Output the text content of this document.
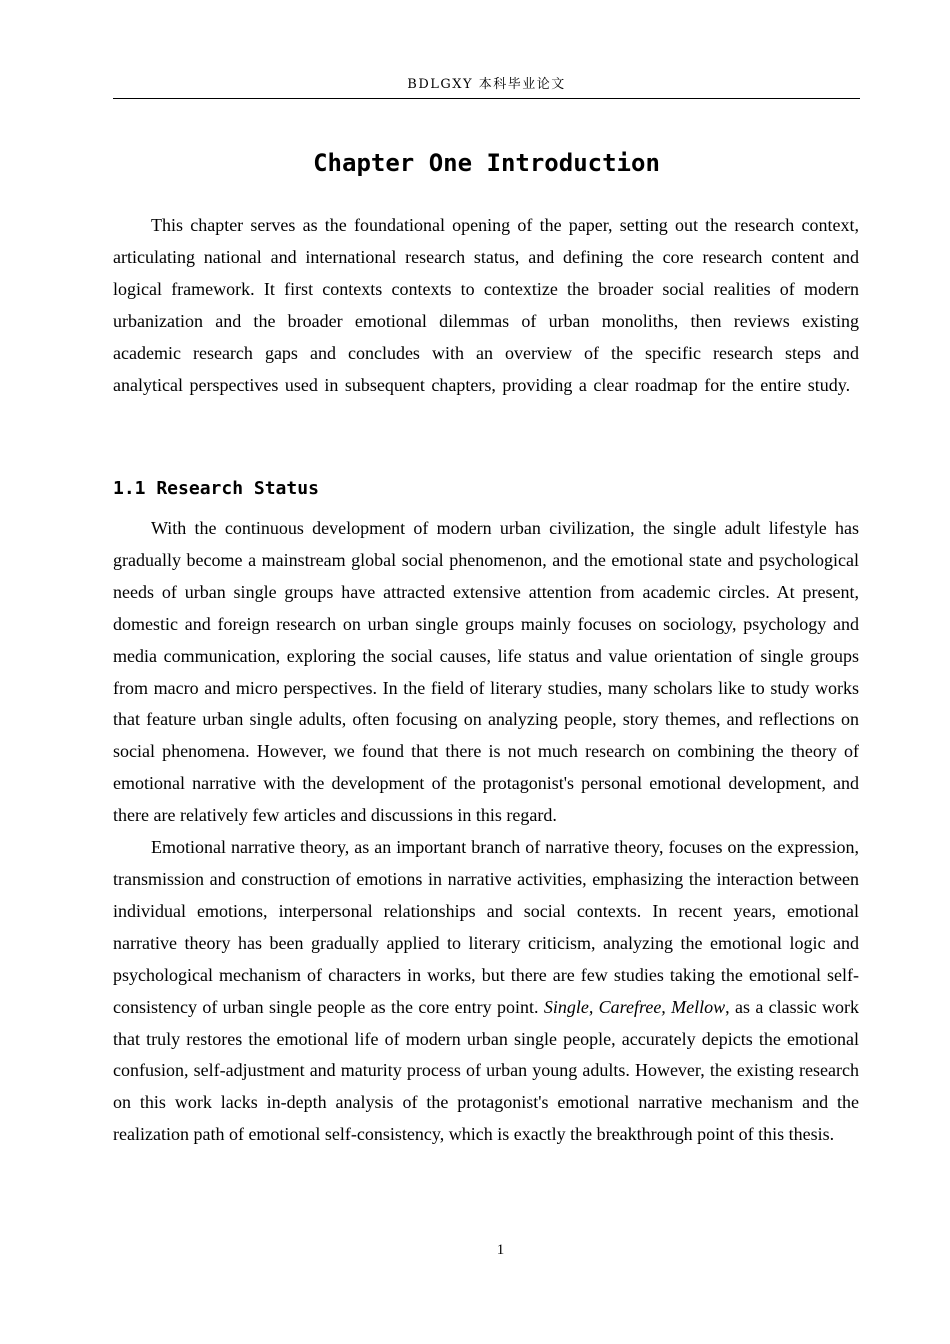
BDLGXY 本科毕业论文
Chapter One Introduction

This chapter serves as the foundational opening of the paper, setting out the research context, articulating national and international research status, and defining the core research content and logical framework. It first contexts contexts to contextize the broader social realities of modern urbanization and the broader emotional dilemmas of urban monoliths, then reviews existing academic research gaps and concludes with an overview of the specific research steps and analytical perspectives used in subsequent chapters, providing a clear roadmap for the entire study.

1.1 Research Status

With the continuous development of modern urban civilization, the single adult lifestyle has gradually become a mainstream global social phenomenon, and the emotional state and psychological needs of urban single groups have attracted extensive attention from academic circles. At present, domestic and foreign research on urban single groups mainly focuses on sociology, psychology and media communication, exploring the social causes, life status and value orientation of single groups from macro and micro perspectives. In the field of literary studies, many scholars like to study works that feature urban single adults, often focusing on analyzing people, story themes, and reflections on social phenomena. However, we found that there is not much research on combining the theory of emotional narrative with the development of the protagonist's personal emotional development, and there are relatively few articles and discussions in this regard.

Emotional narrative theory, as an important branch of narrative theory, focuses on the expression, transmission and construction of emotions in narrative activities, emphasizing the interaction between individual emotions, interpersonal relationships and social contexts. In recent years, emotional narrative theory has been gradually applied to literary criticism, analyzing the emotional logic and psychological mechanism of characters in works, but there are few studies taking the emotional self-consistency of urban single people as the core entry point. Single, Carefree, Mellow, as a classic work that truly restores the emotional life of modern urban single people, accurately depicts the emotional confusion, self-adjustment and maturity process of urban young adults. However, the existing research on this work lacks in-depth analysis of the protagonist's emotional narrative mechanism and the realization path of emotional self-consistency, which is exactly the breakthrough point of this thesis.

1
